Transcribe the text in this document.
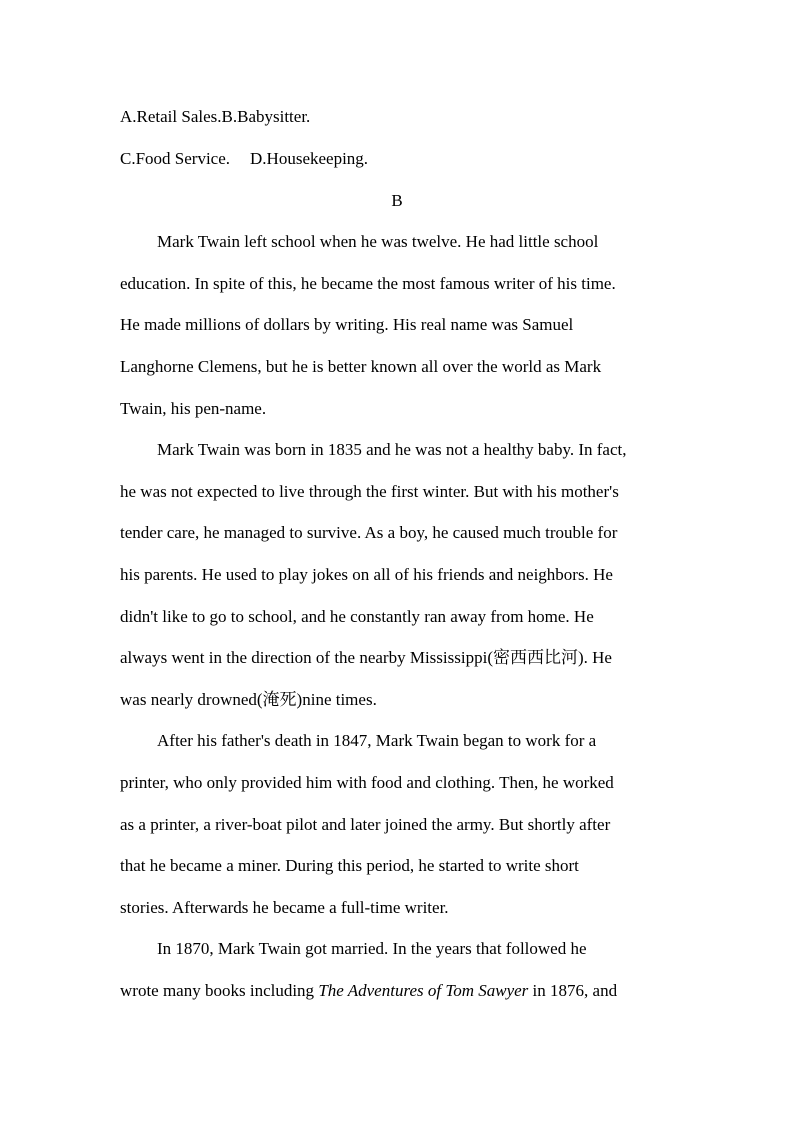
A.Retail Sales.B.Babysitter.
C.Food Service. D.Housekeeping.
B
Mark Twain left school when he was twelve. He had little school
education. In spite of this, he became the most famous writer of his time.
He made millions of dollars by writing. His real name was Samuel
Langhorne Clemens, but he is better known all over the world as Mark
Twain, his pen-name.
Mark Twain was born in 1835 and he was not a healthy baby. In fact,
he was not expected to live through the first winter. But with his mother's
tender care, he managed to survive. As a boy, he caused much trouble for
his parents. He used to play jokes on all of his friends and neighbors. He
didn't like to go to school, and he constantly ran away from home. He
always went in the direction of the nearby Mississippi(密西西比河). He
was nearly drowned(淹死)nine times.
After his father's death in 1847, Mark Twain began to work for a
printer, who only provided him with food and clothing. Then, he worked
as a printer, a river-boat pilot and later joined the army. But shortly after
that he became a miner. During this period, he started to write short
stories. Afterwards he became a full-time writer.
In 1870, Mark Twain got married. In the years that followed he
wrote many books including The Adventures of Tom Sawyer in 1876, and
